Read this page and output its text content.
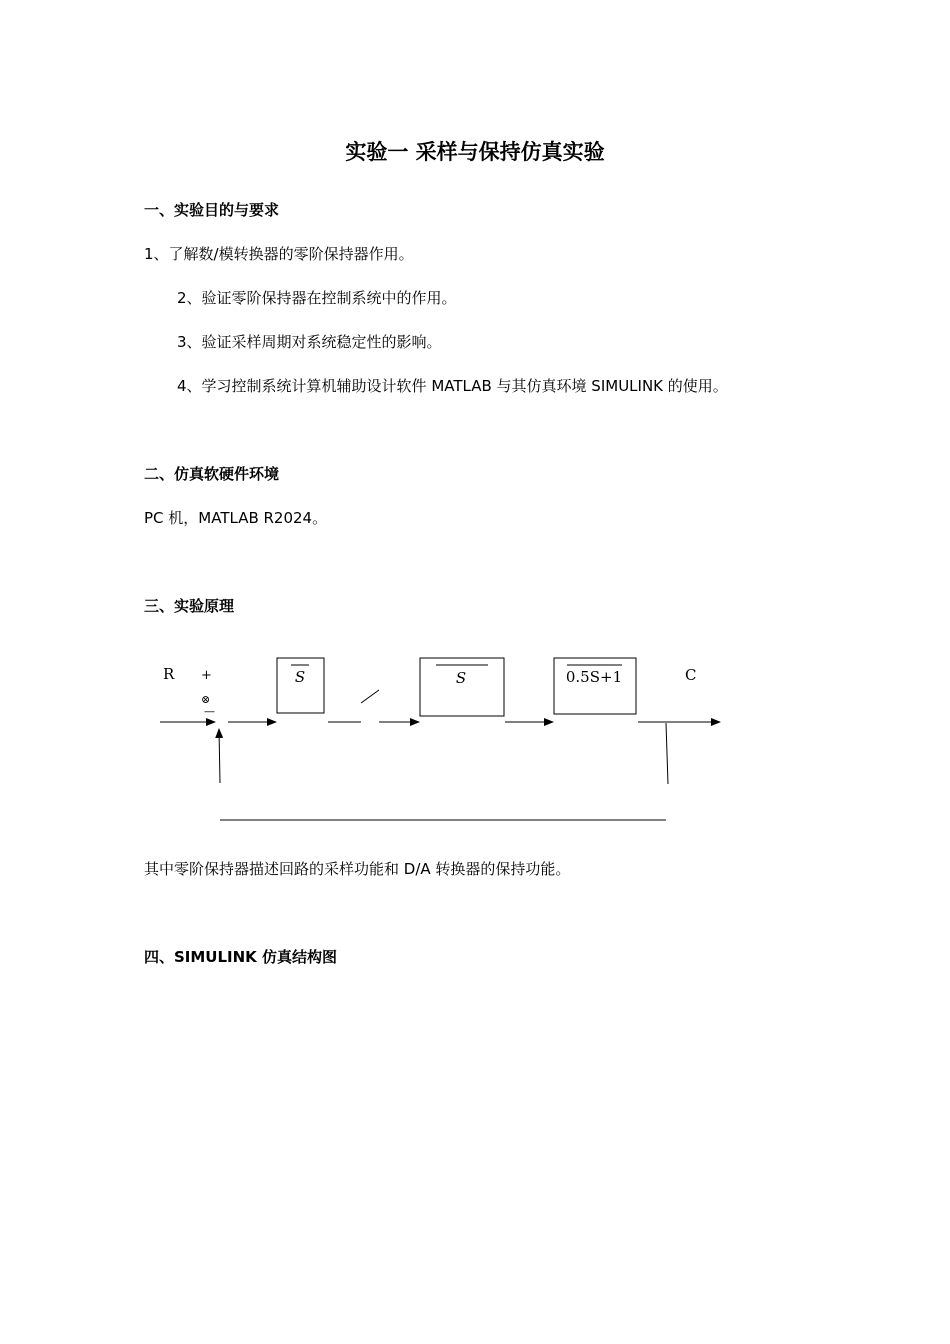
实验一 采样与保持仿真实验
一、实验目的与要求
1、了解数/模转换器的零阶保持器作用。
2、验证零阶保持器在控制系统中的作用。
3、验证采样周期对系统稳定性的影响。
4、学习控制系统计算机辅助设计软件 MATLAB 与其仿真环境 SIMULINK 的使用。
二、仿真软硬件环境
PC 机，MATLAB R2024。
三、实验原理
R +
⊗
—
S	S	0.5S+1	C
其中零阶保持器描述回路的采样功能和 D/A 转换器的保持功能。
四、SIMULINK 仿真结构图
